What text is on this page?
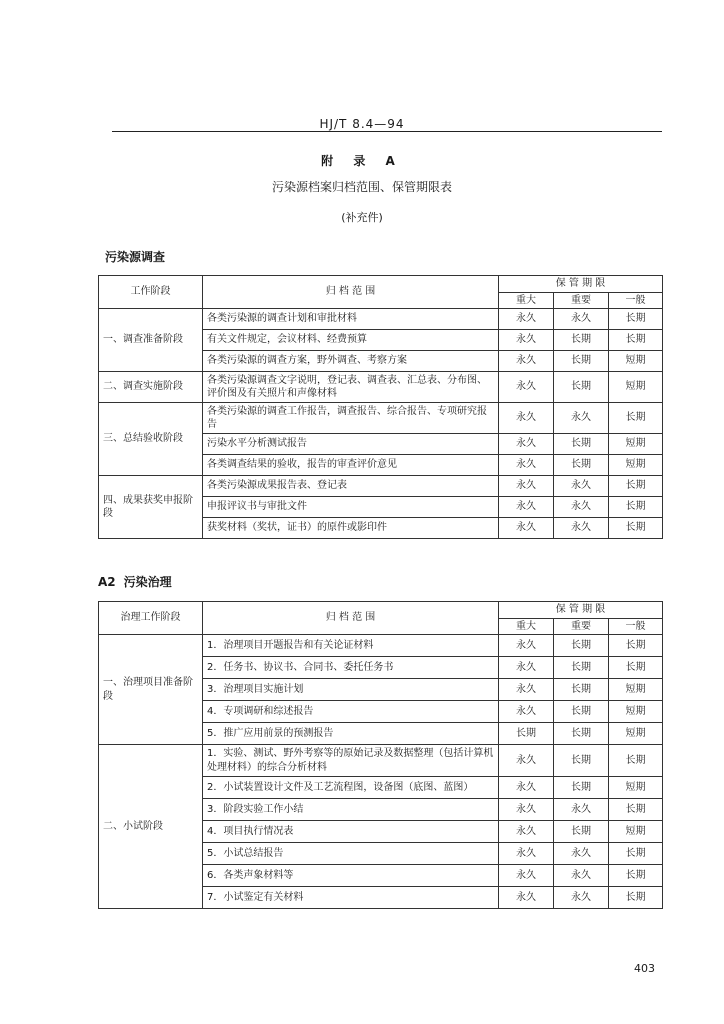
HJ/T 8.4—94
附 录 A
污染源档案归档范围、保管期限表
(补充件)
污染源调查
工作阶段	归 档 范 围	保 管 期 限		
		重大	重要	一般
一、调查准备阶段	各类污染源的调查计划和审批材料	永久	永久	长期
	有关文件规定，会议材料、经费预算	永久	长期	长期
	各类污染源的调查方案，野外调查、考察方案	永久	长期	短期
二、调查实施阶段	各类污染源调查文字说明，登记表、调查表、汇总表、分布图、评价图及有关照片和声像材料	永久	长期	短期
三、总结验收阶段	各类污染源的调查工作报告，调查报告、综合报告、专项研究报告	永久	永久	长期
	污染水平分析测试报告	永久	长期	短期
	各类调查结果的验收，报告的审查评价意见	永久	长期	短期
四、成果获奖申报阶段	各类污染源成果报告表、登记表	永久	永久	长期
	申报评议书与审批文件	永久	永久	长期
	获奖材料（奖状，证书）的原件或影印件	永久	永久	长期
A2 污染治理
治理工作阶段	归 档 范 围	保 管 期 限		
		重大	重要	一般
一、治理项目准备阶段	1．治理项目开题报告和有关论证材料	永久	长期	长期
	2．任务书、协议书、合同书、委托任务书	永久	长期	长期
	3．治理项目实施计划	永久	长期	短期
	4．专项调研和综述报告	永久	长期	短期
	5．推广应用前景的预测报告	长期	长期	短期
二、小试阶段	1．实验、测试、野外考察等的原始记录及数据整理（包括计算机处理材料）的综合分析材料	永久	长期	长期
	2．小试装置设计文件及工艺流程图，设备图（底图、蓝图）	永久	长期	短期
	3．阶段实验工作小结	永久	永久	长期
	4．项目执行情况表	永久	长期	短期
	5．小试总结报告	永久	永久	长期
	6．各类声象材料等	永久	永久	长期
	7．小试鉴定有关材料	永久	永久	长期
403
